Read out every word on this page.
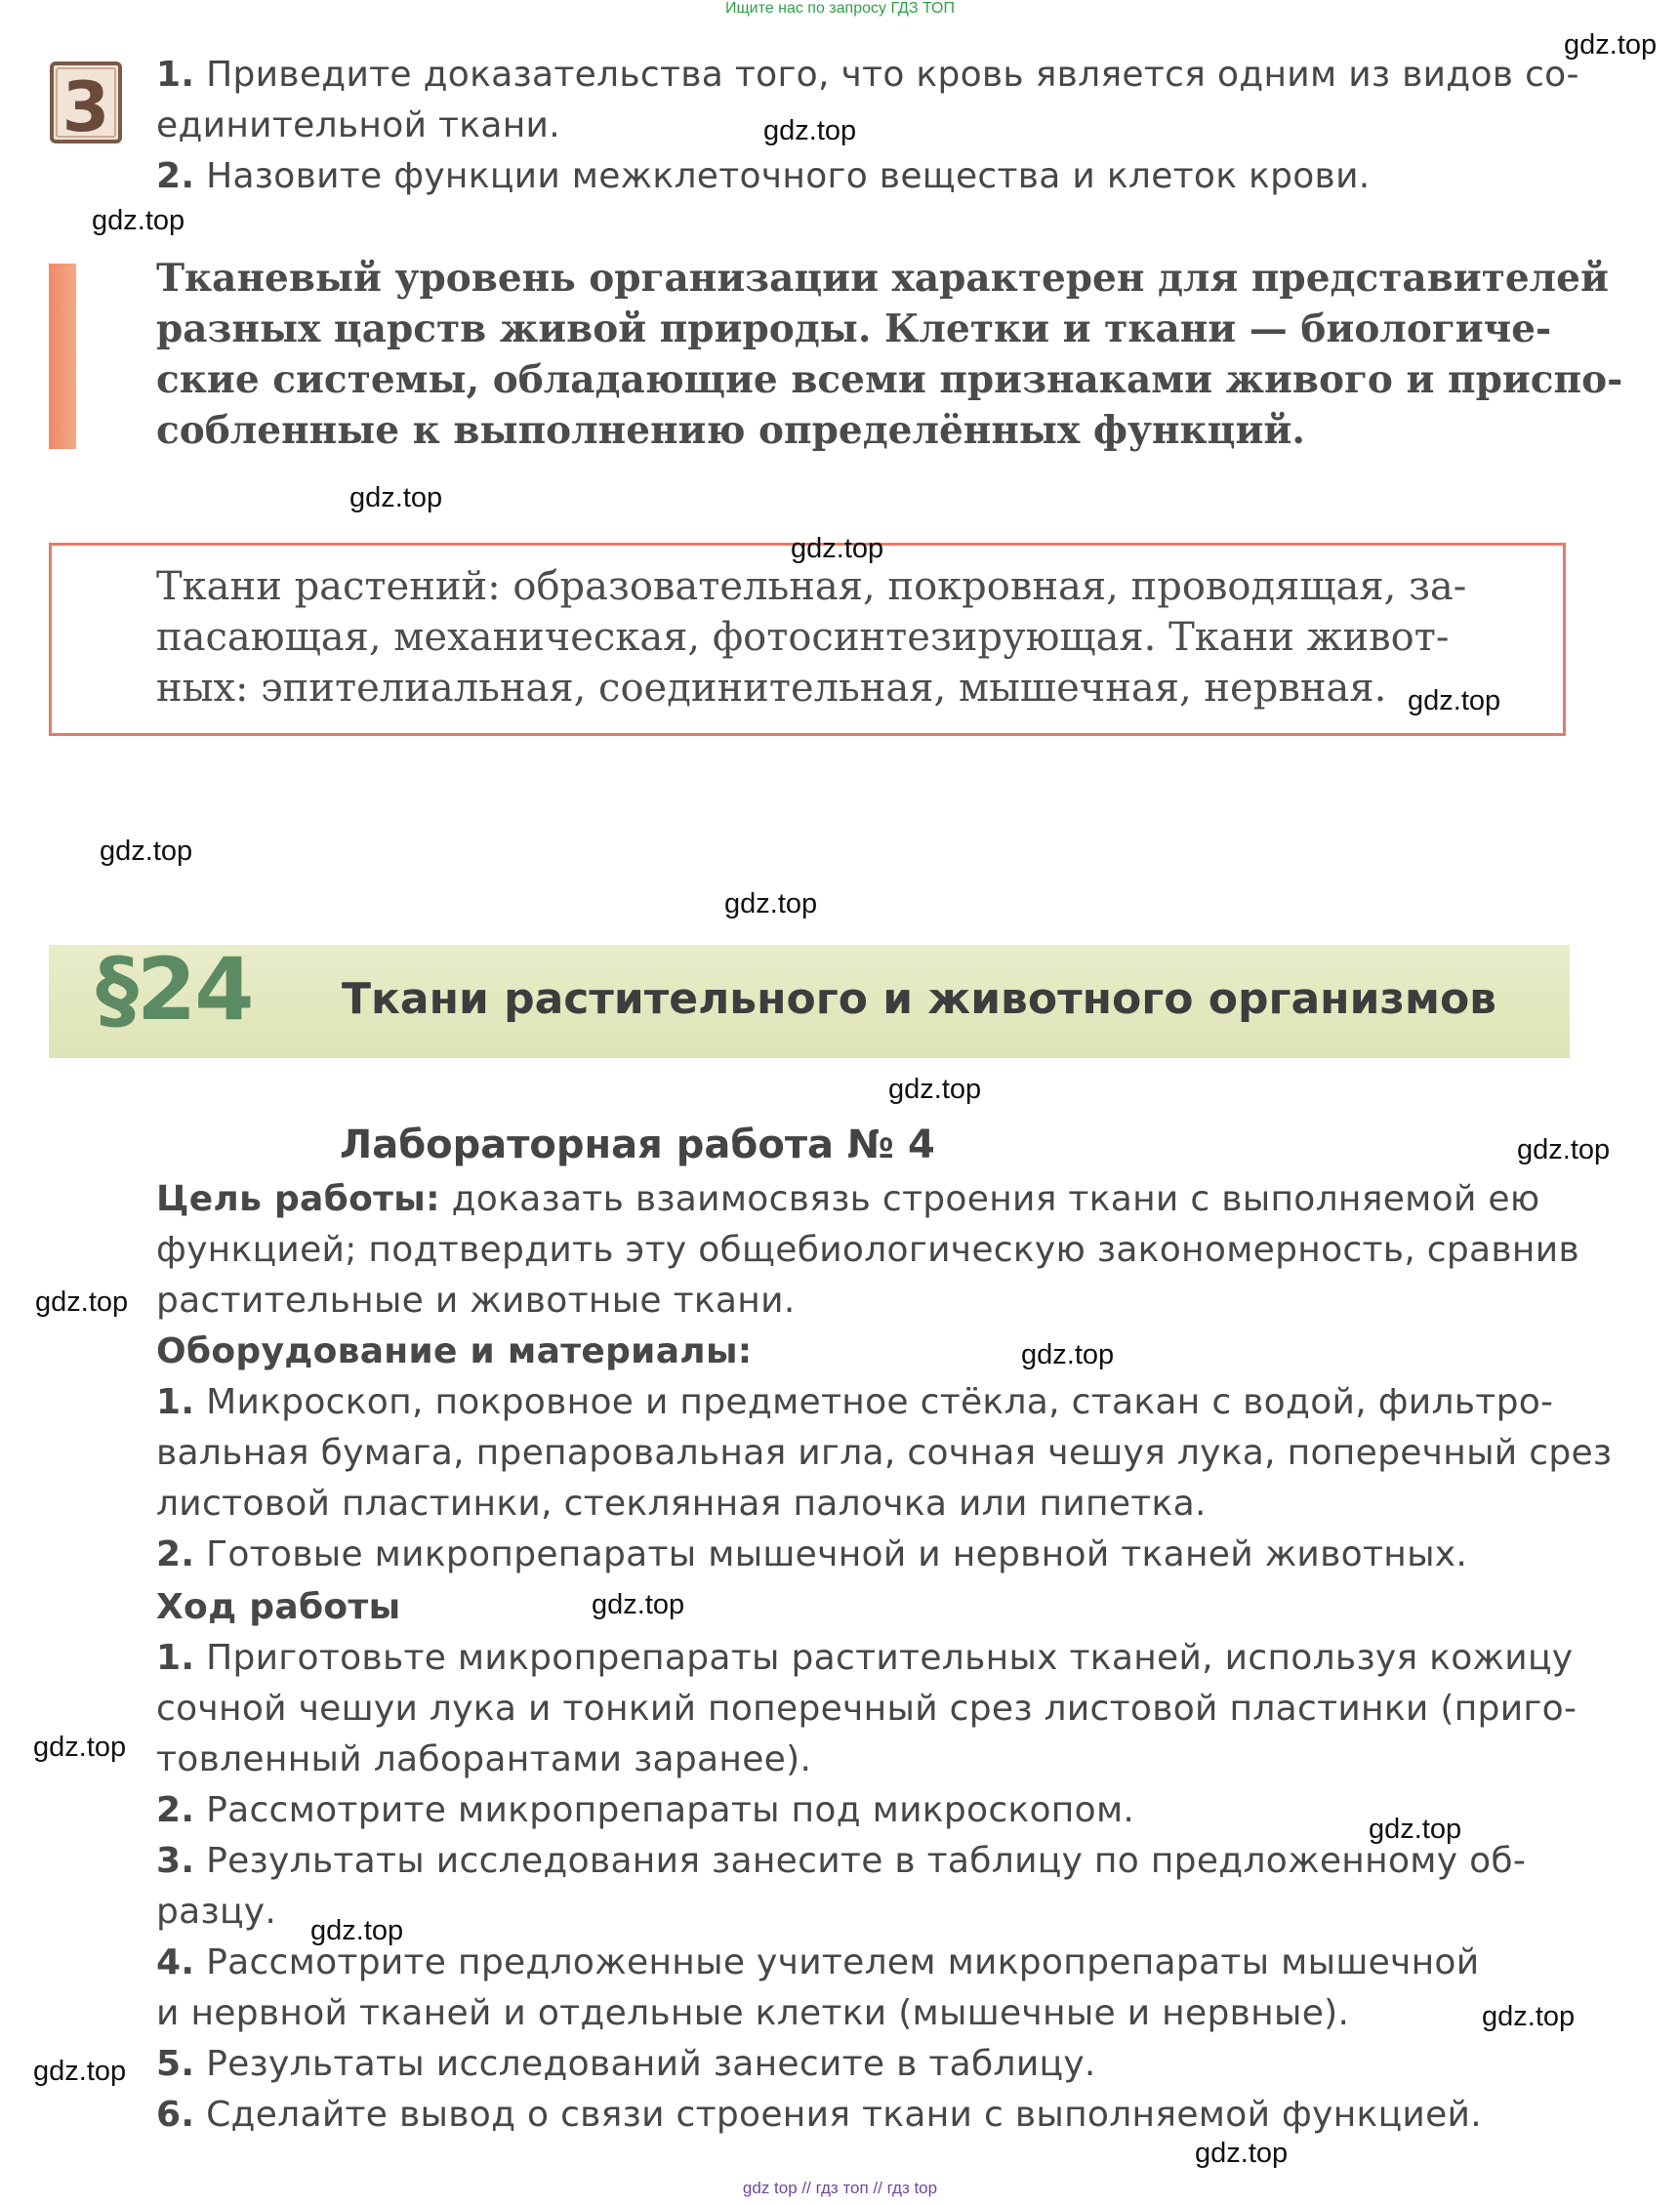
Ищите нас по запросу ГДЗ ТОП
3 1. Приведите доказательства того, что кровь является одним из видов со-
единительной ткани.
2. Назовите функции межклеточного вещества и клеток крови.
Тканевый уровень организации характерен для представителей
разных царств живой природы. Клетки и ткани — биологиче-
ские системы, обладающие всеми признаками живого и приспо-
собленные к выполнению определённых функций.
Ткани растений: образовательная, покровная, проводящая, за-
пасающая, механическая, фотосинтезирующая. Ткани живот-
ных: эпителиальная, соединительная, мышечная, нервная.
§24 Ткани растительного и животного организмов
Лабораторная работа № 4
Цель работы: доказать взаимосвязь строения ткани с выполняемой ею
функцией; подтвердить эту общебиологическую закономерность, сравнив
растительные и животные ткани.
Оборудование и материалы:
1. Микроскоп, покровное и предметное стёкла, стакан с водой, фильтро-
вальная бумага, препаровальная игла, сочная чешуя лука, поперечный срез
листовой пластинки, стеклянная палочка или пипетка.
2. Готовые микропрепараты мышечной и нервной тканей животных.
Ход работы
1. Приготовьте микропрепараты растительных тканей, используя кожицу
сочной чешуи лука и тонкий поперечный срез листовой пластинки (приго-
товленный лаборантами заранее).
2. Рассмотрите микропрепараты под микроскопом.
3. Результаты исследования занесите в таблицу по предложенному об-
разцу.
4. Рассмотрите предложенные учителем микропрепараты мышечной
и нервной тканей и отдельные клетки (мышечные и нервные).
5. Результаты исследований занесите в таблицу.
6. Сделайте вывод о связи строения ткани с выполняемой функцией.
gdz.top
gdz.top
gdz.top
gdz.top
gdz.top
gdz.top
gdz.top
gdz.top
gdz.top
gdz.top
gdz.top
gdz.top
gdz.top
gdz.top
gdz.top
gdz.top
gdz.top
gdz.top
gdz.top
gdz top // гдз топ // гдз top
